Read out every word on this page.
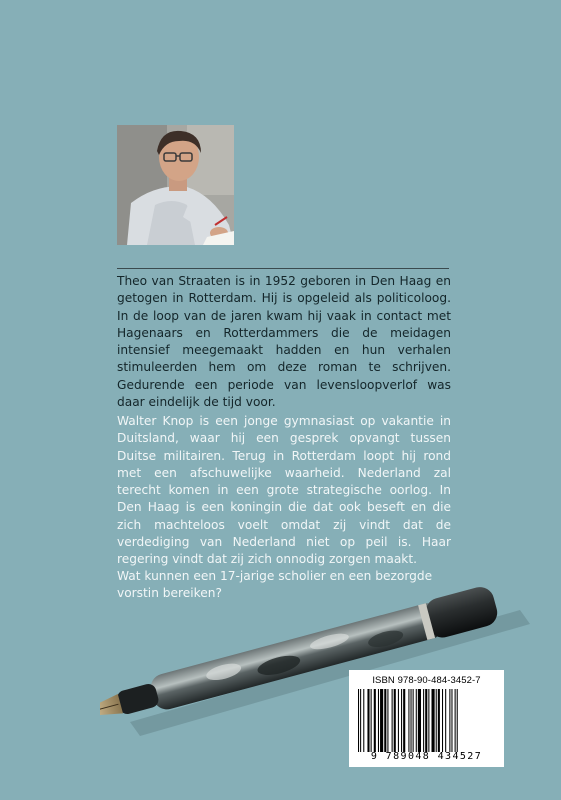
Theo van Straaten is in 1952 geboren in Den Haag en getogen in Rotterdam. Hij is opgeleid als politicoloog. In de loop van de jaren kwam hij vaak in contact met Hagenaars en Rotterdammers die de meidagen intensief meegemaakt hadden en hun verhalen stimuleerden hem om deze roman te schrijven. Gedurende een periode van levensloopverlof was daar eindelijk de tijd voor.

Walter Knop is een jonge gymnasiast op vakantie in Duitsland, waar hij een gesprek opvangt tussen Duitse militairen. Terug in Rotterdam loopt hij rond met een afschuwelijke waarheid. Nederland zal terecht komen in een grote strategische oorlog. In Den Haag is een koningin die dat ook beseft en die zich machteloos voelt omdat zij vindt dat de verdediging van Nederland niet op peil is. Haar regering vindt dat zij zich onnodig zorgen maakt.

Wat kunnen een 17-jarige scholier en een bezorgde vorstin bereiken?

ISBN 978-90-484-3452-7
9 789048 434527
